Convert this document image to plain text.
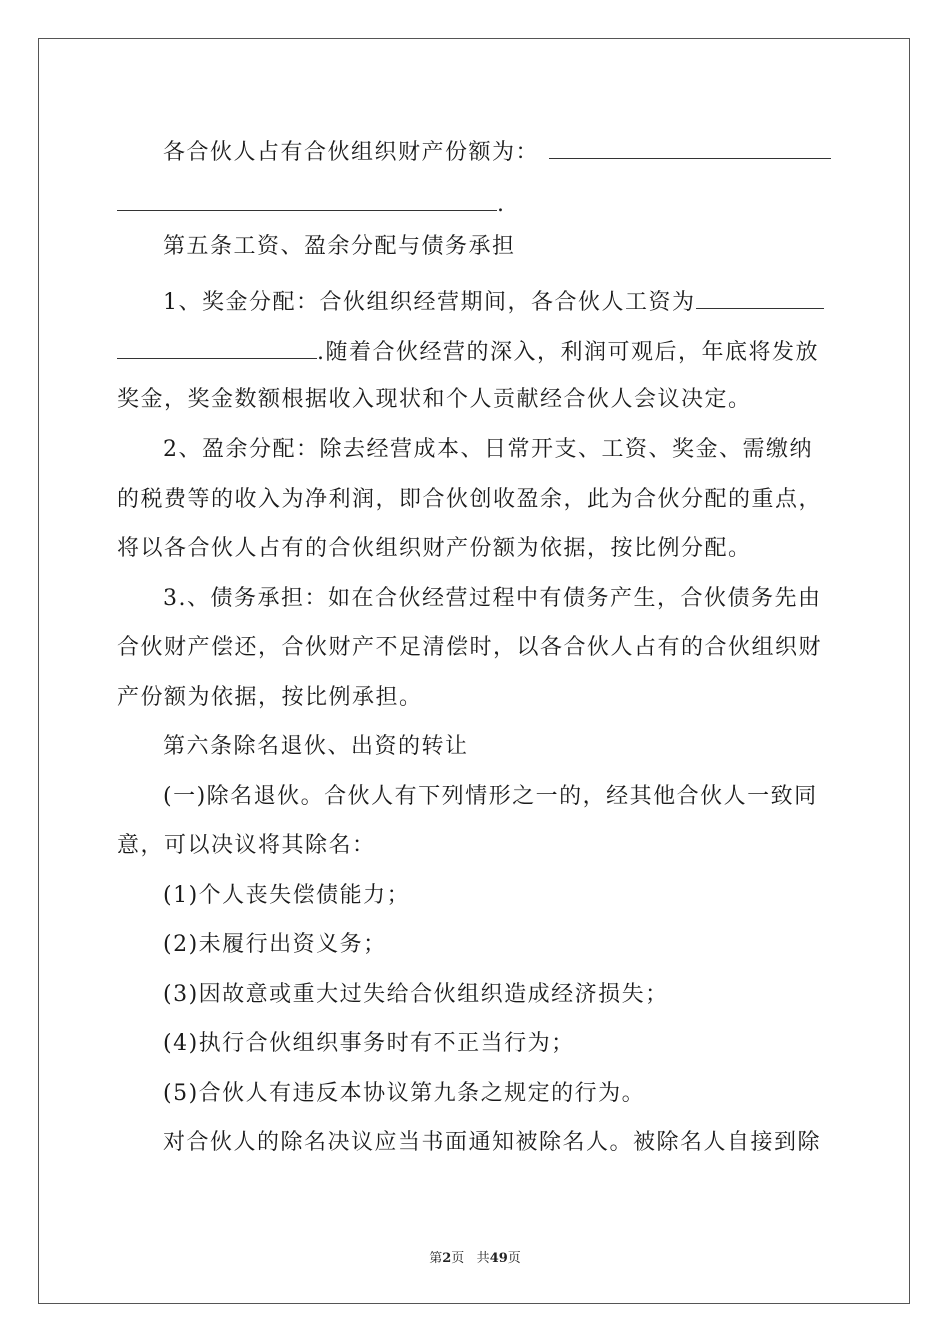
各合伙人占有合伙组织财产份额为：
.
第五条工资、盈余分配与债务承担
1、奖金分配：合伙组织经营期间，各合伙人工资为
.随着合伙经营的深入，利润可观后，年底将发放
奖金，奖金数额根据收入现状和个人贡献经合伙人会议决定。
2、盈余分配：除去经营成本、日常开支、工资、奖金、需缴纳
的税费等的收入为净利润，即合伙创收盈余，此为合伙分配的重点，
将以各合伙人占有的合伙组织财产份额为依据，按比例分配。
3.、债务承担：如在合伙经营过程中有债务产生，合伙债务先由
合伙财产偿还，合伙财产不足清偿时，以各合伙人占有的合伙组织财
产份额为依据，按比例承担。
第六条除名退伙、出资的转让
(一)除名退伙。合伙人有下列情形之一的，经其他合伙人一致同
意，可以决议将其除名：
(1)个人丧失偿债能力；
(2)未履行出资义务；
(3)因故意或重大过失给合伙组织造成经济损失；
(4)执行合伙组织事务时有不正当行为；
(5)合伙人有违反本协议第九条之规定的行为。
对合伙人的除名决议应当书面通知被除名人。被除名人自接到除
第2页 共49页
